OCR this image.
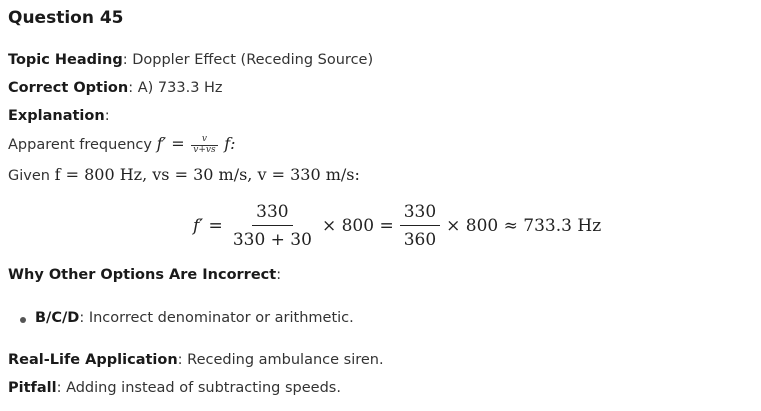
Question 45
Topic Heading: Doppler Effect (Receding Source)
Correct Option: A) 733.3 Hz
Explanation:
Apparent frequency $f' = \frac{v}{v+vs} f$:
Given f = 800 Hz, vs = 30 m/s, v = 330 m/s:
$f' = \frac{330}{330 + 30} \times 800 = \frac{330}{360} \times 800 \approx 733.3$ Hz
Why Other Options Are Incorrect:
B/C/D: Incorrect denominator or arithmetic.
Real-Life Application: Receding ambulance siren.
Pitfall: Adding instead of subtracting speeds.
